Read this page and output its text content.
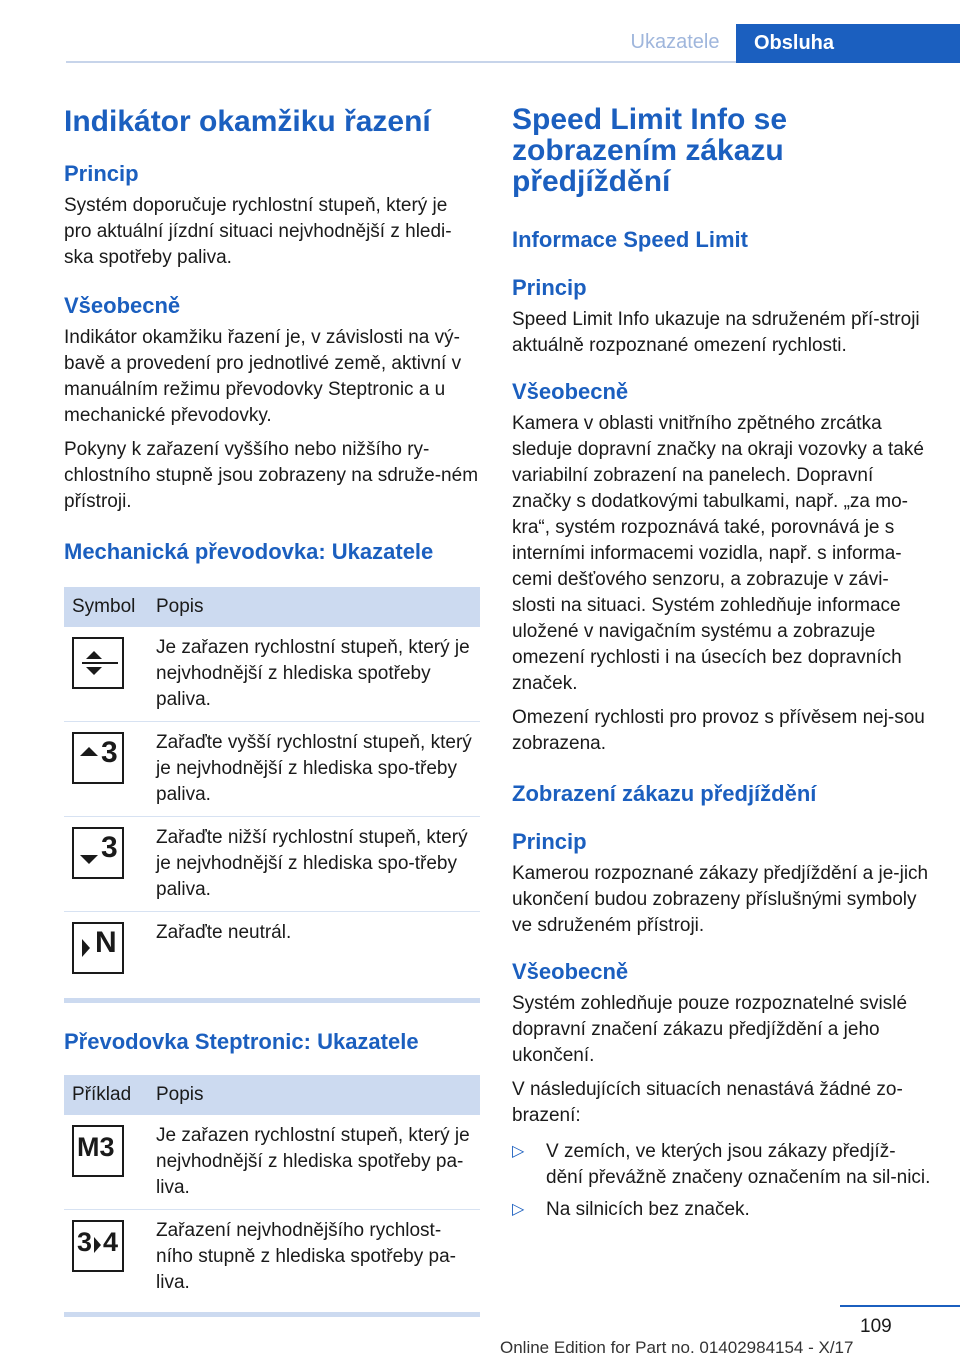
Ukazatele	Obsluha
Indikátor okamžiku řazení
Princip

Systém doporučuje rychlostní stupeň, který je pro aktuální jízdní situaci nejvhodnější z hledi-ska spotřeby paliva.

Všeobecně

Indikátor okamžiku řazení je, v závislosti na vý-bavě a provedení pro jednotlivé země, aktivní v manuálním režimu převodovky Steptronic a u mechanické převodovky.

Pokyny k zařazení vyššího nebo nižšího ry-chlostního stupně jsou zobrazeny na sdruže-ném přístroji.

Mechanická převodovka: Ukazatele
Symbol	Popis

	Je zařazen rychlostní stupeň, který je nejvhodnější z hlediska spotřeby paliva.

3	Zařaďte vyšší rychlostní stupeň, který je nejvhodnější z hlediska spo-třeby paliva.

3	Zařaďte nižší rychlostní stupeň, který je nejvhodnější z hlediska spo-třeby paliva.

N	Zařaďte neutrál.
Převodovka Steptronic: Ukazatele
Příklad	Popis

M3	Je zařazen rychlostní stupeň, který je nejvhodnější z hlediska spotřeby pa-liva.

3 4	Zařazení nejvhodnějšího rychlost-ního stupně z hlediska spotřeby pa-liva.
Speed Limit Info se zobrazením zákazu předjíždění
Informace Speed Limit
Princip

Speed Limit Info ukazuje na sdruženém pří-stroji aktuálně rozpoznané omezení rychlosti.

Všeobecně

Kamera v oblasti vnitřního zpětného zrcátka sleduje dopravní značky na okraji vozovky a také variabilní zobrazení na panelech. Dopravní značky s dodatkovými tabulkami, např. „za mo-kra“, systém rozpoznává také, porovnává je s interními informacemi vozidla, např. s informa-cemi dešťového senzoru, a zobrazuje v závi-slosti na situaci. Systém zohledňuje informace uložené v navigačním systému a zobrazuje omezení rychlosti i na úsecích bez dopravních značek.

Omezení rychlosti pro provoz s přívěsem nej-sou zobrazena.

Zobrazení zákazu předjíždění
Princip

Kamerou rozpoznané zákazy předjíždění a je-jich ukončení budou zobrazeny příslušnými symboly ve sdruženém přístroji.

Všeobecně

Systém zohledňuje pouze rozpoznatelné svislé dopravní značení zákazu předjíždění a jeho ukončení.

V následujících situacích nenastává žádné zo-brazení:

▷ V zemích, ve kterých jsou zákazy předjíž-dění převážně značeny označením na sil-nici.
▷ Na silnicích bez značek.
109
Online Edition for Part no. 01402984154 - X/17
